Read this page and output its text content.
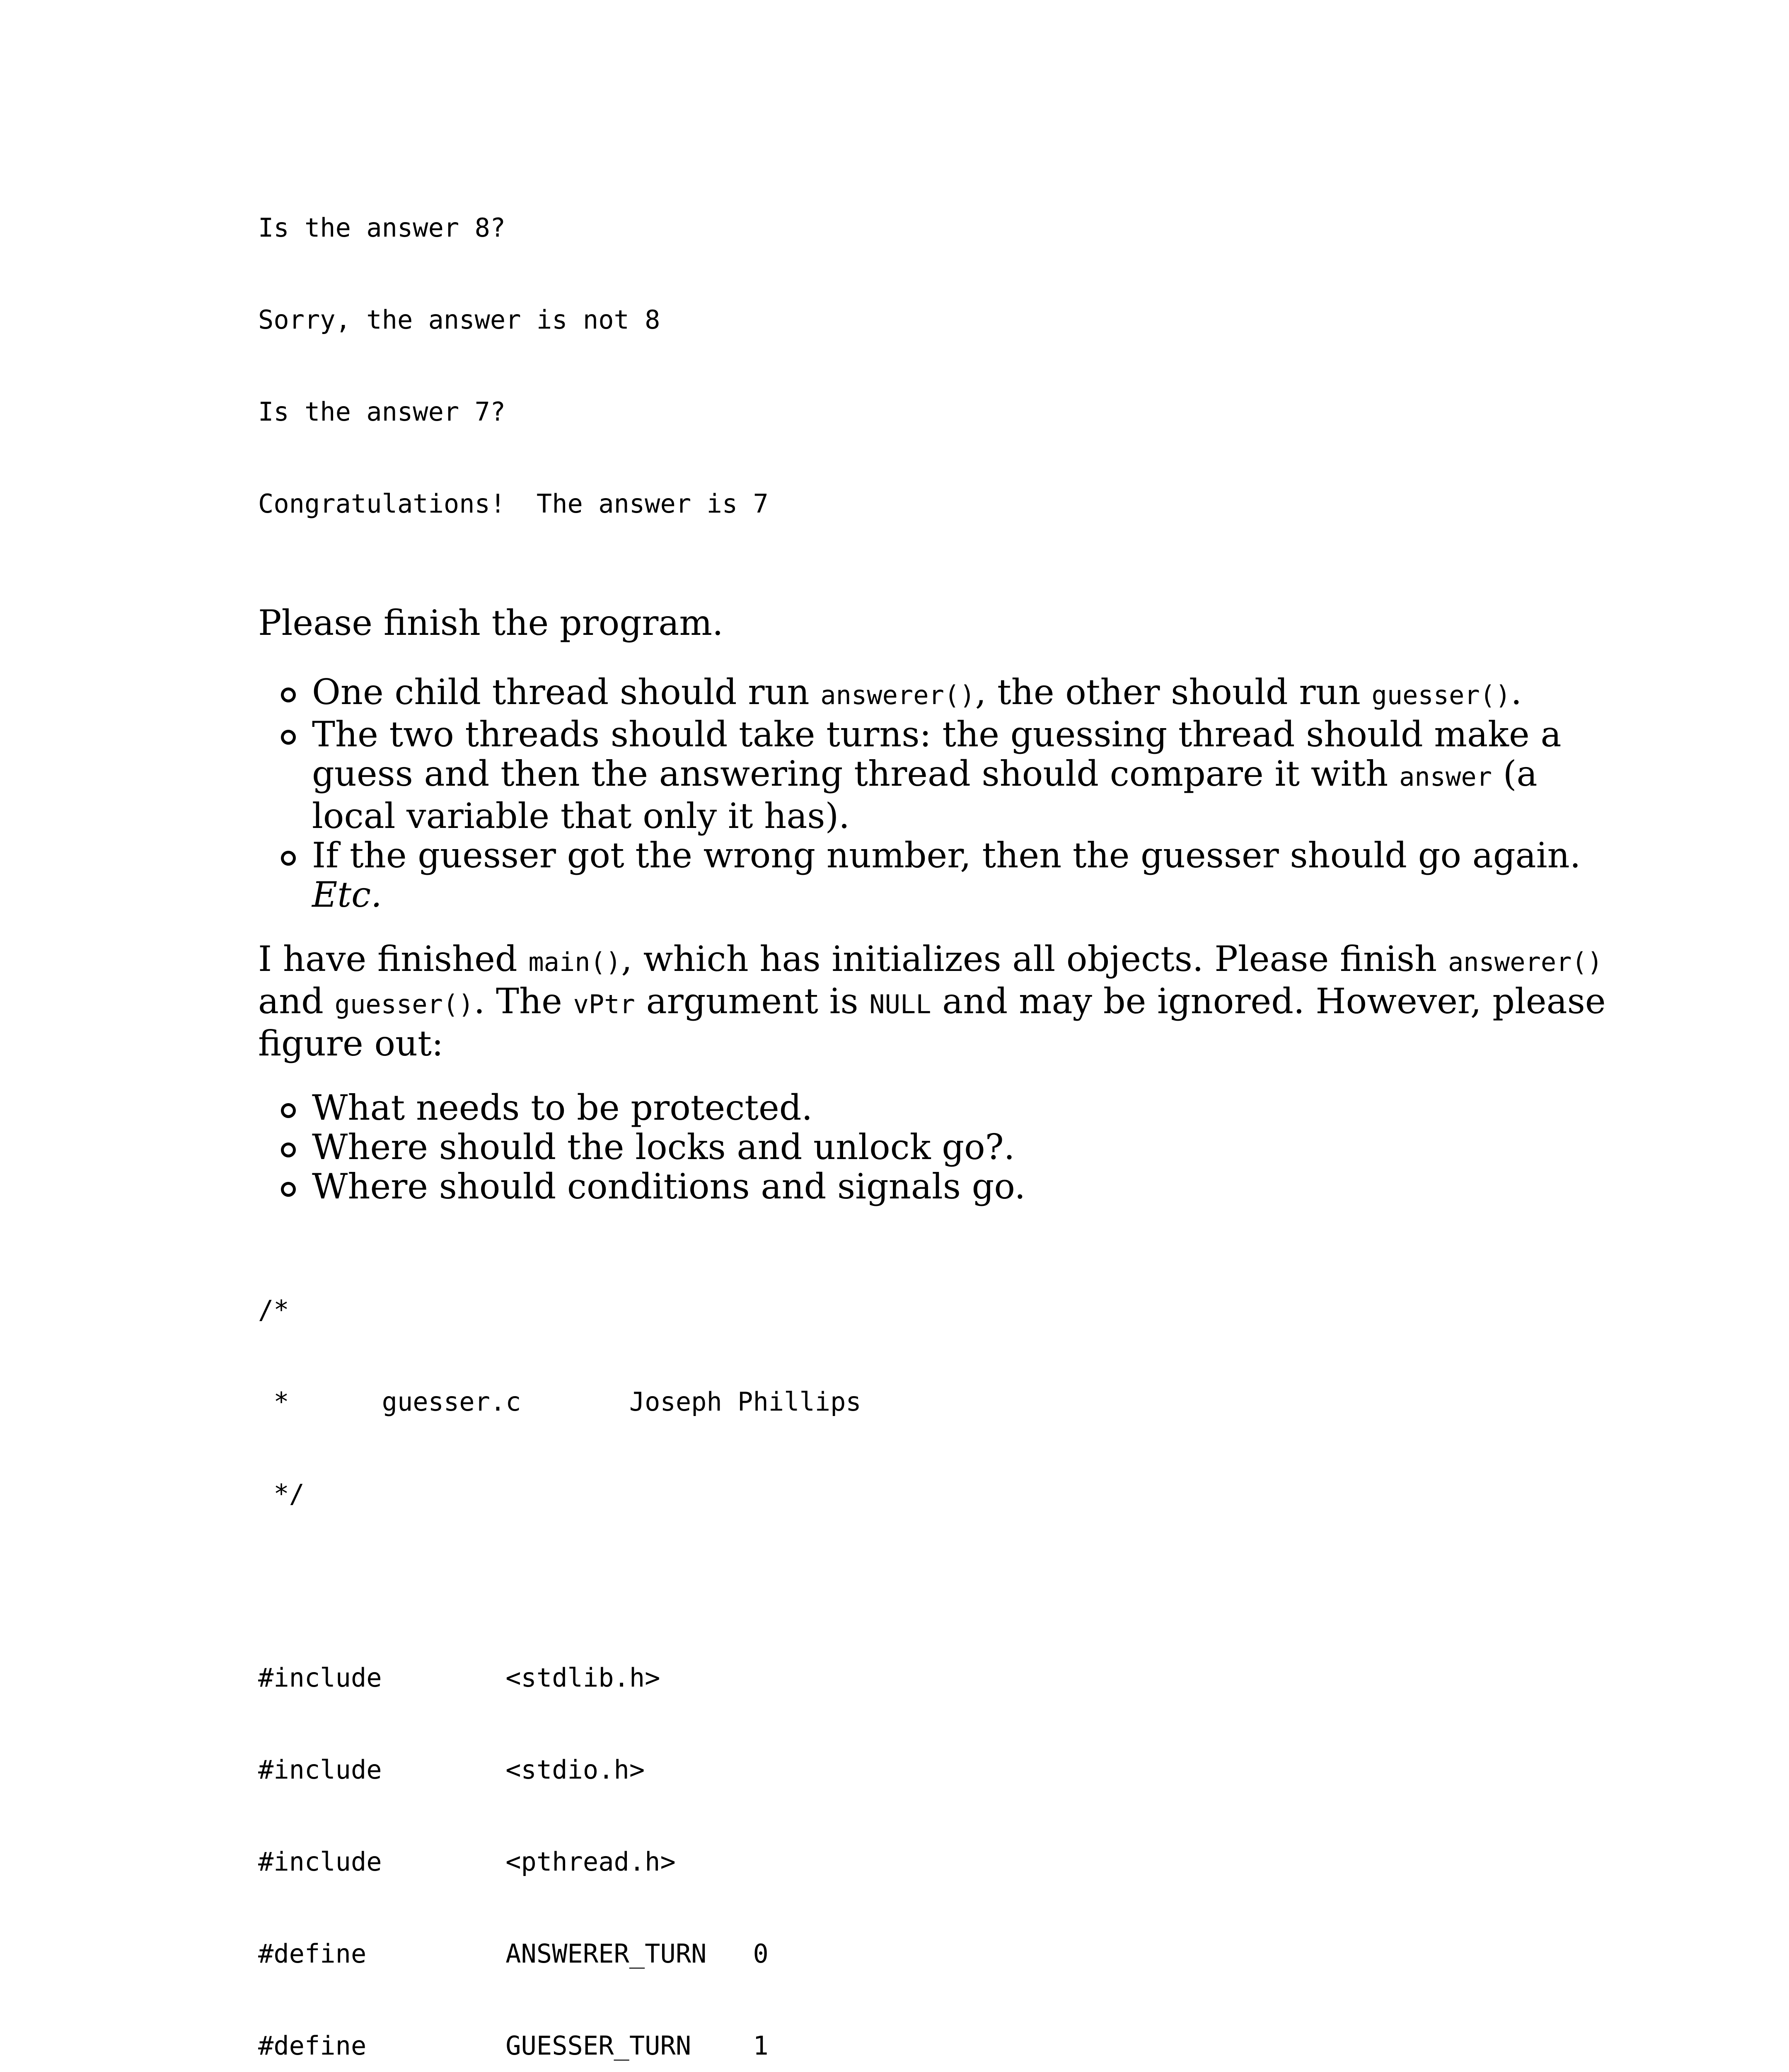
Is the answer 8?

Sorry, the answer is not 8

Is the answer 7?

Congratulations!  The answer is 7

Please finish the program.

One child thread should run answerer(), the other should run guesser().
The two threads should take turns: the guessing thread should make a guess and then the answering thread should compare it with answer (a local variable that only it has).
If the guesser got the wrong number, then the guesser should go again. Etc.

I have finished main(), which has initializes all objects. Please finish answerer() and guesser(). The vPtr argument is NULL and may be ignored. However, please figure out:

What needs to be protected.
Where should the locks and unlock go?.
Where should conditions and signals go.

/*

*      guesser.c       Joseph Phillips

*/

#include        <stdlib.h>

#include        <stdio.h>

#include        <pthread.h>

#define         ANSWERER_TURN   0

#define         GUESSER_TURN    1
